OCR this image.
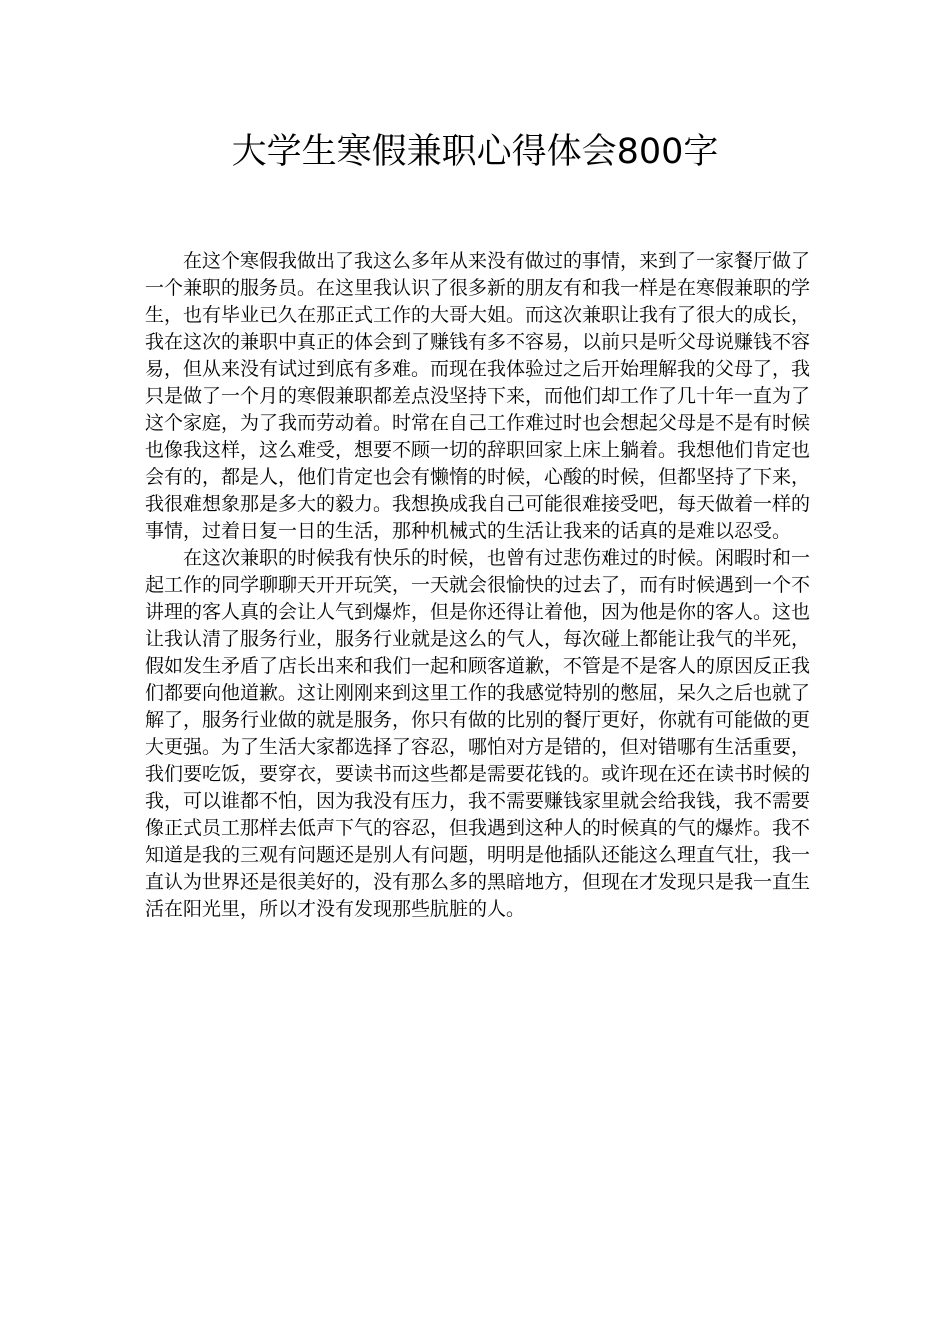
大学生寒假兼职心得体会800字

在这个寒假我做出了我这么多年从来没有做过的事情，来到了一家餐厅做了一个兼职的服务员。在这里我认识了很多新的朋友有和我一样是在寒假兼职的学生，也有毕业已久在那正式工作的大哥大姐。而这次兼职让我有了很大的成长，我在这次的兼职中真正的体会到了赚钱有多不容易，以前只是听父母说赚钱不容易，但从来没有试过到底有多难。而现在我体验过之后开始理解我的父母了，我只是做了一个月的寒假兼职都差点没坚持下来，而他们却工作了几十年一直为了这个家庭，为了我而劳动着。时常在自己工作难过时也会想起父母是不是有时候也像我这样，这么难受，想要不顾一切的辞职回家上床上躺着。我想他们肯定也会有的，都是人，他们肯定也会有懒惰的时候，心酸的时候，但都坚持了下来，我很难想象那是多大的毅力。我想换成我自己可能很难接受吧，每天做着一样的事情，过着日复一日的生活，那种机械式的生活让我来的话真的是难以忍受。

在这次兼职的时候我有快乐的时候，也曾有过悲伤难过的时候。闲暇时和一起工作的同学聊聊天开开玩笑，一天就会很愉快的过去了，而有时候遇到一个不讲理的客人真的会让人气到爆炸，但是你还得让着他，因为他是你的客人。这也让我认清了服务行业，服务行业就是这么的气人，每次碰上都能让我气的半死，假如发生矛盾了店长出来和我们一起和顾客道歉，不管是不是客人的原因反正我们都要向他道歉。这让刚刚来到这里工作的我感觉特别的憋屈，呆久之后也就了解了，服务行业做的就是服务，你只有做的比别的餐厅更好，你就有可能做的更大更强。为了生活大家都选择了容忍，哪怕对方是错的，但对错哪有生活重要，我们要吃饭，要穿衣，要读书而这些都是需要花钱的。或许现在还在读书时候的我，可以谁都不怕，因为我没有压力，我不需要赚钱家里就会给我钱，我不需要像正式员工那样去低声下气的容忍，但我遇到这种人的时候真的气的爆炸。我不知道是我的三观有问题还是别人有问题，明明是他插队还能这么理直气壮，我一直认为世界还是很美好的，没有那么多的黑暗地方，但现在才发现只是我一直生活在阳光里，所以才没有发现那些肮脏的人。
